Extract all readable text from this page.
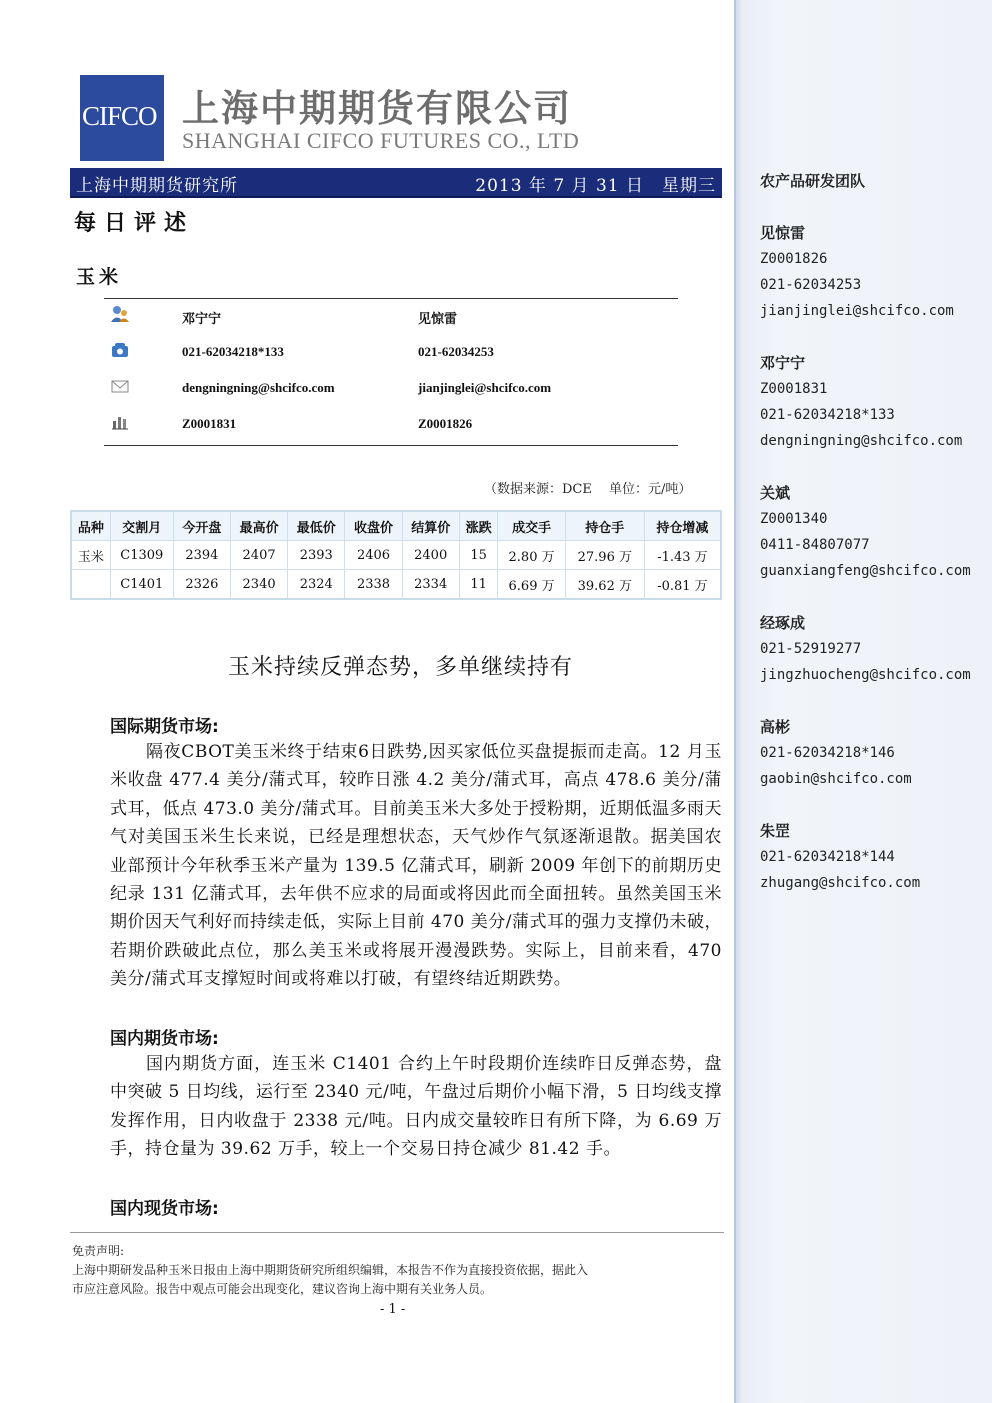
农产品研发团队
见惊雷
Z0001826
021-62034253
jianjinglei@shcifco.com
邓宁宁
Z0001831
021-62034218*133
dengningning@shcifco.com
关斌
Z0001340
0411-84807077
guanxiangfeng@shcifco.com
经琢成
021-52919277
jingzhuocheng@shcifco.com
高彬
021-62034218*146
gaobin@shcifco.com
朱罡
021-62034218*144
zhugang@shcifco.com
CIFCO 上海中期期货有限公司
SHANGHAI CIFCO FUTURES CO., LTD
上海中期期货研究所	2013 年 7 月 31 日　 星期三
每日评述
玉米
邓宁宁	见惊雷
021-62034218*133	021-62034253
dengningning@shcifco.com	jianjinglei@shcifco.com
Z0001831	Z0001826
（数据来源：DCE　 单位：元/吨）
品种	交割月	今开盘	最高价	最低价	收盘价	结算价	涨跌	成交手	持仓手	持仓增减
玉米	C1309	2394	2407	2393	2406	2400	15	2.80 万	27.96 万	-1.43 万
	C1401	2326	2340	2324	2338	2334	11	6.69 万	39.62 万	-0.81 万
玉米持续反弹态势，多单继续持有
国际期货市场:
隔夜CBOT美玉米终于结束6日跌势,因买家低位买盘提振而走高。12 月玉米收盘 477.4 美分/蒲式耳，较昨日涨 4.2 美分/蒲式耳，高点 478.6 美分/蒲式耳，低点 473.0 美分/蒲式耳。目前美玉米大多处于授粉期，近期低温多雨天气对美国玉米生长来说，已经是理想状态，天气炒作气氛逐渐退散。据美国农业部预计今年秋季玉米产量为 139.5 亿蒲式耳，刷新 2009 年创下的前期历史纪录 131 亿蒲式耳，去年供不应求的局面或将因此而全面扭转。虽然美国玉米期价因天气利好而持续走低，实际上目前 470 美分/蒲式耳的强力支撑仍未破，若期价跌破此点位，那么美玉米或将展开漫漫跌势。实际上，目前来看，470 美分/蒲式耳支撑短时间或将难以打破，有望终结近期跌势。
国内期货市场:
国内期货方面，连玉米 C1401 合约上午时段期价连续昨日反弹态势，盘中突破 5 日均线，运行至 2340 元/吨，午盘过后期价小幅下滑，5 日均线支撑发挥作用，日内收盘于 2338 元/吨。日内成交量较昨日有所下降，为 6.69 万手，持仓量为 39.62 万手，较上一个交易日持仓减少 81.42 手。
国内现货市场:
免责声明:
上海中期研发品种玉米日报由上海中期期货研究所组织编辑，本报告不作为直接投资依据，据此入
市应注意风险。报告中观点可能会出现变化，建议咨询上海中期有关业务人员。
- 1 -
